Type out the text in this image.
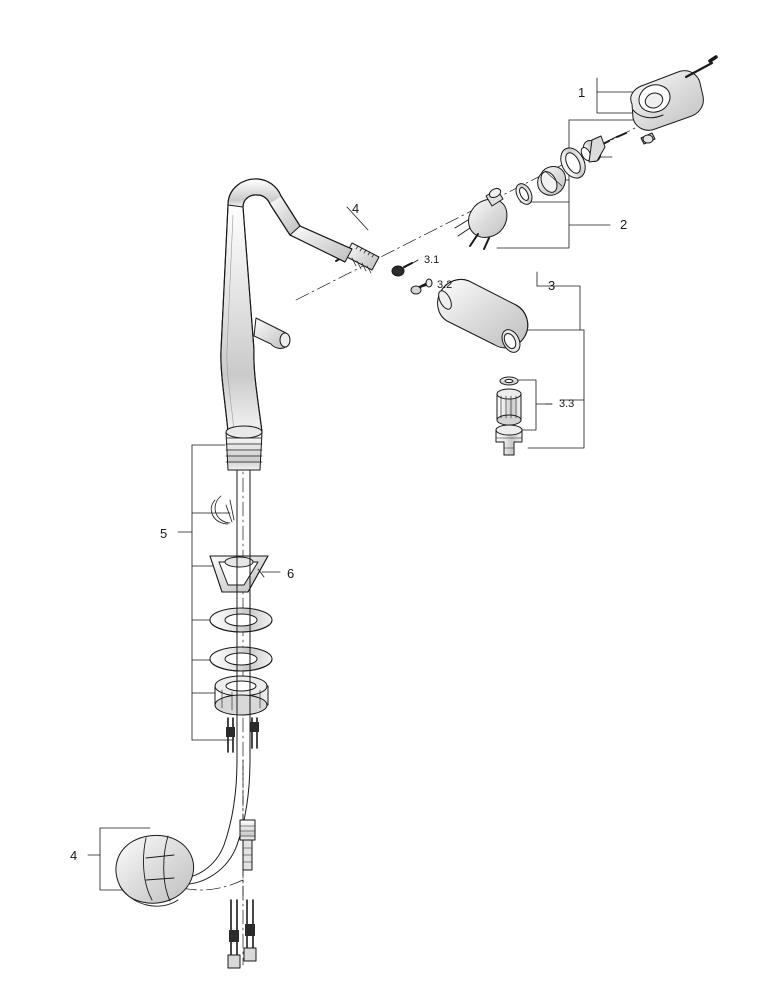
1
2
3
3.1
3.2
3.3
4
4
5
6
